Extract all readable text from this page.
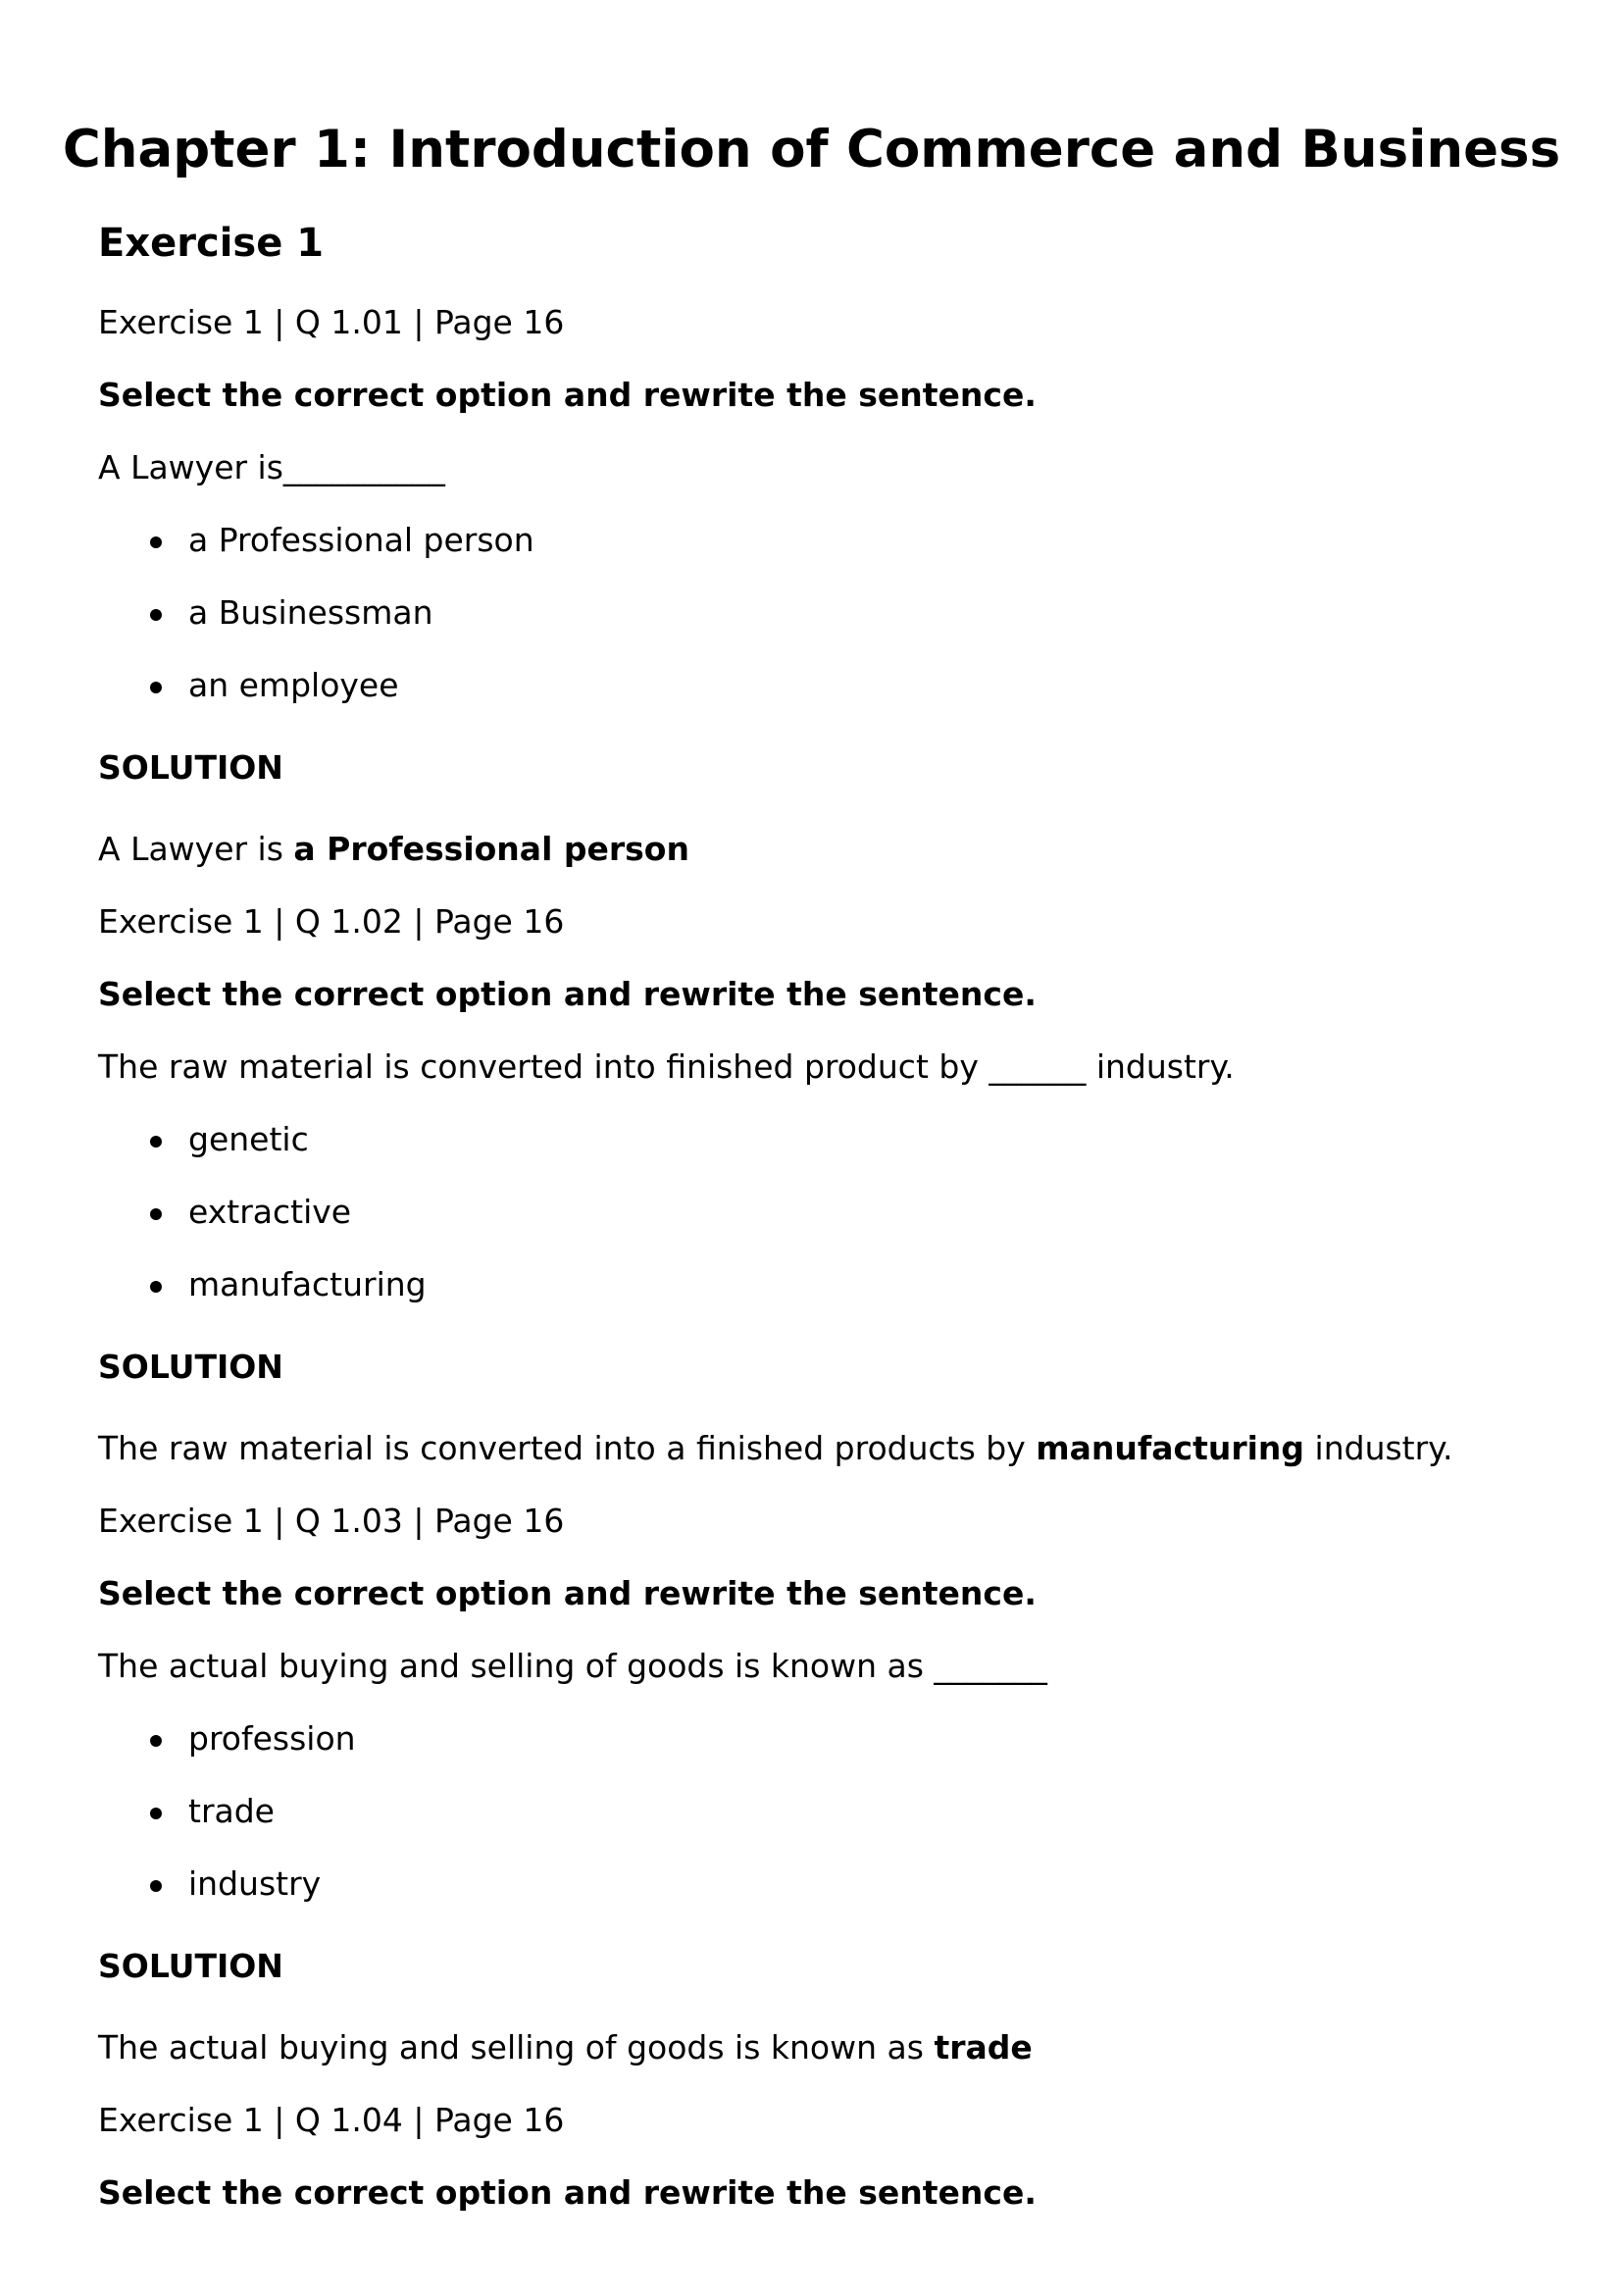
Chapter 1: Introduction of Commerce and Business
Exercise 1

Exercise 1 | Q 1.01 | Page 16

Select the correct option and rewrite the sentence.

A Lawyer is__________

a Professional person

a Businessman

an employee

SOLUTION

A Lawyer is a Professional person

Exercise 1 | Q 1.02 | Page 16

Select the correct option and rewrite the sentence.

The raw material is converted into finished product by ______ industry.

genetic

extractive

manufacturing

SOLUTION

The raw material is converted into a finished products by manufacturing industry.

Exercise 1 | Q 1.03 | Page 16

Select the correct option and rewrite the sentence.

The actual buying and selling of goods is known as _______

profession

trade

industry

SOLUTION

The actual buying and selling of goods is known as trade

Exercise 1 | Q 1.04 | Page 16

Select the correct option and rewrite the sentence.
